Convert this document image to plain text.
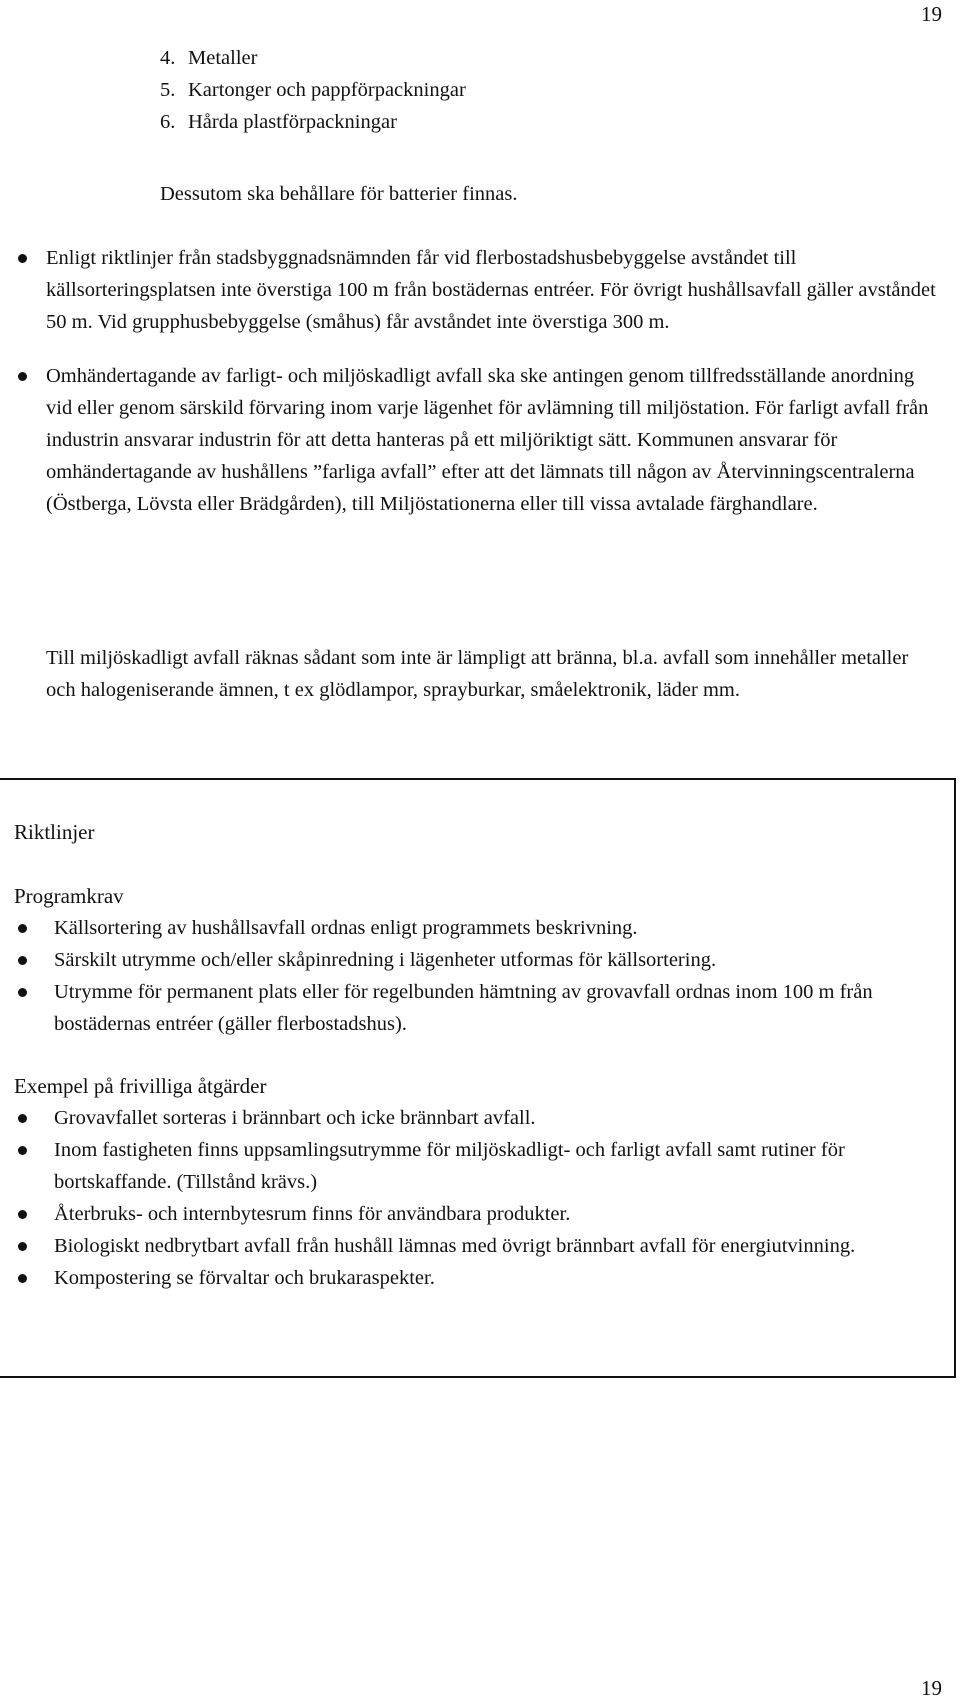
19
4. Metaller
5. Kartonger och pappförpackningar
6. Hårda plastförpackningar

Dessutom ska behållare för batterier finnas.

Enligt riktlinjer från stadsbyggnadsnämnden får vid flerbostadshusbebyggelse avståndet till källsorteringsplatsen inte överstiga 100 m från bostädernas entréer. För övrigt hushållsavfall gäller avståndet 50 m. Vid grupphusbebyggelse (småhus) får avståndet inte överstiga 300 m.
Omhändertagande av farligt- och miljöskadligt avfall ska ske antingen genom tillfredsställande anordning vid eller genom särskild förvaring inom varje lägenhet för avlämning till miljöstation. För farligt avfall från industrin ansvarar industrin för att detta hanteras på ett miljöriktigt sätt. Kommunen ansvarar för omhändertagande av hushållens ”farliga avfall” efter att det lämnats till någon av Återvinningscentralerna (Östberga, Lövsta eller Brädgården), till Miljöstationerna eller till vissa avtalade färghandlare.

Till miljöskadligt avfall räknas sådant som inte är lämpligt att bränna, bl.a. avfall som innehåller metaller och halogeniserande ämnen, t ex glödlampor, sprayburkar, småelektronik, läder mm.

Riktlinjer
Programkrav
Källsortering av hushållsavfall ordnas enligt programmets beskrivning.
Särskilt utrymme och/eller skåpinredning i lägenheter utformas för källsortering.
Utrymme för permanent plats eller för regelbunden hämtning av grovavfall ordnas inom 100 m från bostädernas entréer (gäller flerbostadshus).
Exempel på frivilliga åtgärder
Grovavfallet sorteras i brännbart och icke brännbart avfall.
Inom fastigheten finns uppsamlingsutrymme för miljöskadligt- och farligt avfall samt rutiner för bortskaffande. (Tillstånd krävs.)
Återbruks- och internbytesrum finns för användbara produkter.
Biologiskt nedbrytbart avfall från hushåll lämnas med övrigt brännbart avfall för energiutvinning.
Kompostering se förvaltar och brukaraspekter.
19
